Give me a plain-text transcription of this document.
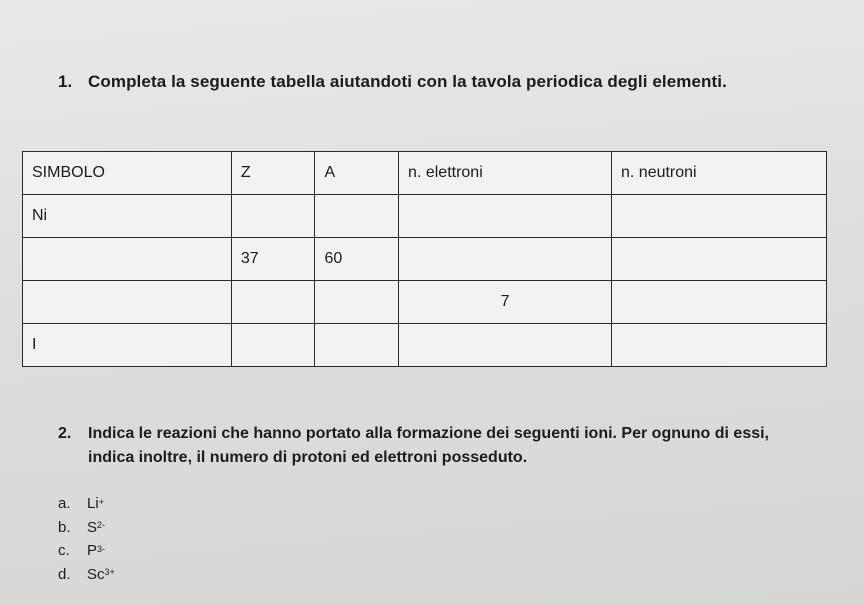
1. Completa la seguente tabella aiutandoti con la tavola periodica degli elementi.
SIMBOLO	Z	A	n. elettroni	n. neutroni
Ni				
	37	60		
			7	
I				
2. Indica le reazioni che hanno portato alla formazione dei seguenti ioni. Per ognuno di essi, indica inoltre, il numero di protoni ed elettroni posseduto.
a.	Li+
b.	$S^{2-}$
c.	$P^{3-}$
d.	$Sc^{3+}$
